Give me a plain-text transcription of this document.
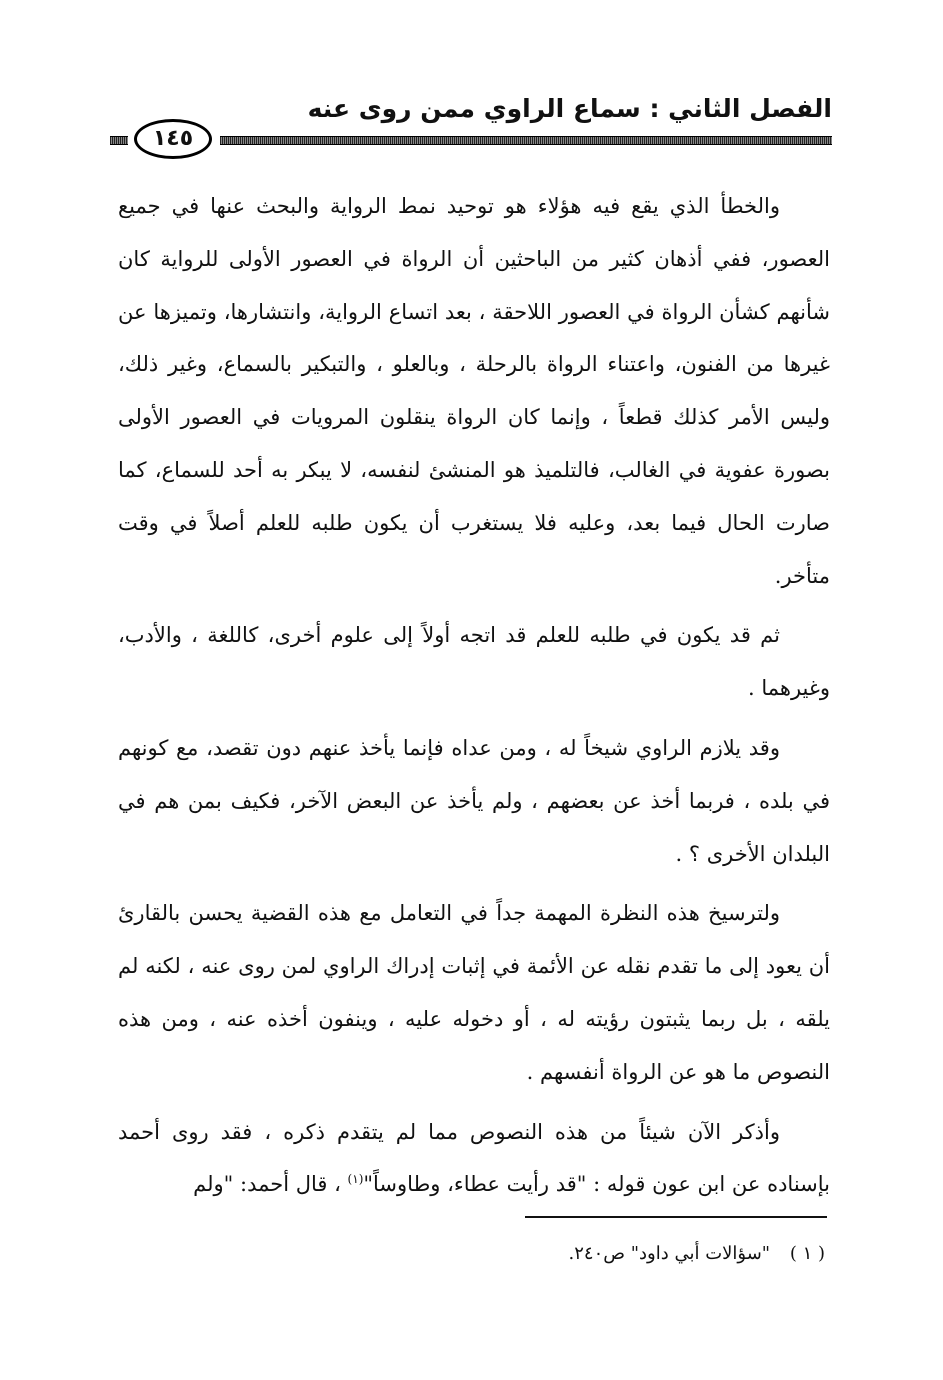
الفصل الثاني : سماع الراوي ممن روى عنه
١٤٥

والخطأ الذي يقع فيه هؤلاء هو توحيد نمط الرواية والبحث عنها في جميع العصور، ففي أذهان كثير من الباحثين أن الرواة في العصور الأولى للرواية كان شأنهم كشأن الرواة في العصور اللاحقة ، بعد اتساع الرواية، وانتشارها، وتميزها عن غيرها من الفنون، واعتناء الرواة بالرحلة ، وبالعلو ، والتبكير بالسماع، وغير ذلك، وليس الأمر كذلك قطعاً ، وإنما كان الرواة ينقلون المرويات في العصور الأولى بصورة عفوية في الغالب، فالتلميذ هو المنشئ لنفسه، لا يبكر به أحد للسماع، كما صارت الحال فيما بعد، وعليه فلا يستغرب أن يكون طلبه للعلم أصلاً في وقت متأخر.

ثم قد يكون في طلبه للعلم قد اتجه أولاً إلى علوم أخرى، كاللغة ، والأدب، وغيرهما .

وقد يلازم الراوي شيخاً له ، ومن عداه فإنما يأخذ عنهم دون تقصد، مع كونهم في بلده ، فربما أخذ عن بعضهم ، ولم يأخذ عن البعض الآخر، فكيف بمن هم في البلدان الأخرى ؟ .

ولترسيخ هذه النظرة المهمة جداً في التعامل مع هذه القضية يحسن بالقارئ أن يعود إلى ما تقدم نقله عن الأئمة في إثبات إدراك الراوي لمن روى عنه ، لكنه لم يلقه ، بل ربما يثبتون رؤيته له ، أو دخوله عليه ، وينفون أخذه عنه ، ومن هذه النصوص ما هو عن الرواة أنفسهم .

وأذكر الآن شيئاً من هذه النصوص مما لم يتقدم ذكره ، فقد روى أحمد بإسناده عن ابن عون قوله : "قد رأيت عطاء، وطاوساً"$^{(١)}$ ، قال أحمد: "ولم

( ١ ) "سؤالات أبي داود" ص٢٤٠.
